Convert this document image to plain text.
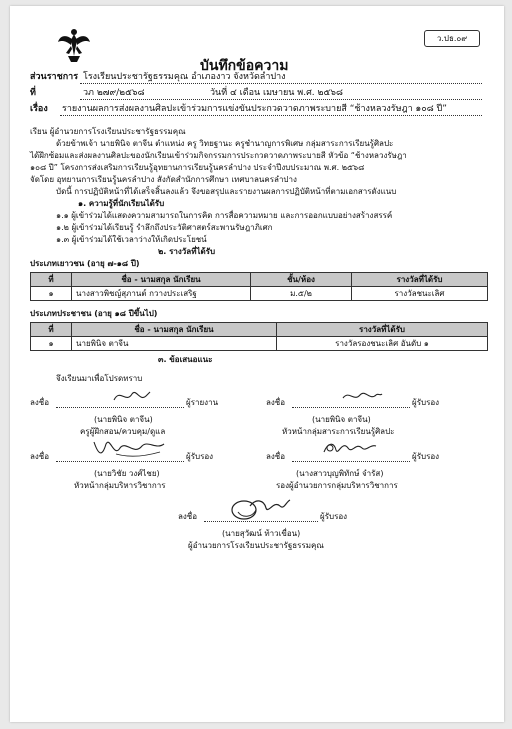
ว.ปธ.๐๙
บันทึกข้อความ
ส่วนราชการ โรงเรียนประชารัฐธรรมคุณ อำเภองาว จังหวัดลำปาง
ที่	วภ ๒๗๙/๒๕๖๘	วันที่ ๔ เดือน เมษายน พ.ศ. ๒๕๖๘
เรื่อง รายงานผลการส่งผลงานศิลปะเข้าร่วมการแข่งขันประกวดวาดภาพระบายสี “ช้างหลวงรัษฎา ๑๐๘ ปี”
เรียน ผู้อำนวยการโรงเรียนประชารัฐธรรมคุณ
ด้วยข้าพเจ้า นายพินิจ ตาจีน ตำแหน่ง ครู วิทยฐานะ ครูชำนาญการพิเศษ กลุ่มสาระการเรียนรู้ศิลปะ
ได้ฝึกซ้อมและส่งผลงานศิลปะของนักเรียนเข้าร่วมกิจกรรมการประกวดวาดภาพระบายสี หัวข้อ “ช้างหลวงรัษฎา
๑๐๘ ปี” โครงการส่งเสริมการเรียนรู้อุทยานการเรียนรู้นครลำปาง ประจำปีงบประมาณ พ.ศ. ๒๕๖๘
จัดโดย อุทยานการเรียนรู้นครลำปาง สังกัดสำนักการศึกษา เทศบาลนครลำปาง
บัดนี้ การปฏิบัติหน้าที่ได้เสร็จสิ้นลงแล้ว จึงขอสรุปและรายงานผลการปฏิบัติหน้าที่ตามเอกสารดังแนบ
๑. ความรู้ที่นักเรียนได้รับ
๑.๑ ผู้เข้าร่วมได้แสดงความสามารถในการคิด การสื่อความหมาย และการออกแบบอย่างสร้างสรรค์
๑.๒ ผู้เข้าร่วมได้เรียนรู้ รำลึกถึงประวัติศาสตร์สะพานรัษฎาภิเศก
๑.๓ ผู้เข้าร่วมได้ใช้เวลาว่างให้เกิดประโยชน์
๒. รางวัลที่ได้รับ
ประเภทเยาวชน (อายุ ๗-๑๘ ปี)
ที่	ชื่อ - นามสกุล นักเรียน	ชั้น/ห้อง	รางวัลที่ได้รับ
๑	นางสาวพิชญ์สุภานต์ กวางประเสริฐ	ม.๕/๒	รางวัลชนะเลิศ
ประเภทประชาชน (อายุ ๑๘ ปีขึ้นไป)
ที่	ชื่อ - นามสกุล นักเรียน	รางวัลที่ได้รับ
๑	นายพินิจ ตาจีน	รางวัลรองชนะเลิศ อันดับ ๑
๓. ข้อเสนอแนะ
จึงเรียนมาเพื่อโปรดทราบ
ลงชื่อ	ผู้รายงาน
(นายพินิจ ตาจีน)
ครูผู้ฝึกสอน/ควบคุม/ดูแล
ลงชื่อ	ผู้รับรอง
(นายพินิจ ตาจีน)
หัวหน้ากลุ่มสาระการเรียนรู้ศิลปะ
ลงชื่อ	ผู้รับรอง
(นายวิชัย วงศ์ไชย)
หัวหน้ากลุ่มบริหารวิชาการ
ลงชื่อ	ผู้รับรอง
(นางสาวบุญพิทักษ์ จำรัส)
รองผู้อำนวยการกลุ่มบริหารวิชาการ
ลงชื่อ	ผู้รับรอง
(นายสุวัฒน์ ท้าวเขื่อน)
ผู้อำนวยการโรงเรียนประชารัฐธรรมคุณ
